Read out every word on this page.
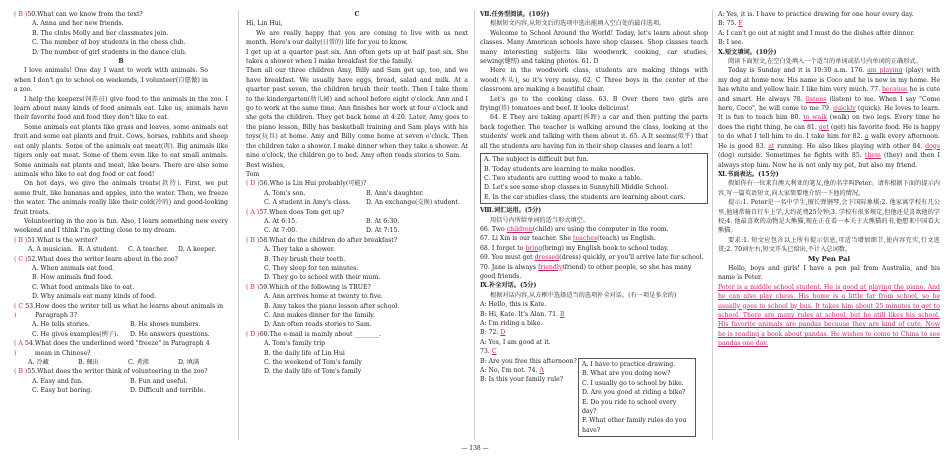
( B ) 50. What can we know from the text?
A. Anna and her new friends.
B. The clubs Molly and her classmates join.
C. The number of boy students in the chess club.
D. The number of girl students in the dance club.
B
I love animals! One day I want to work with animals. So when I don't go to school on weekends, I volunteer(自愿做) in a zoo.
I help the keepers(饲养员) give food to the animals in the zoo. I learn about many kinds of food animals eat. Like us, animals have their favorite food and food they don't like to eat.
Some animals eat plants like grass and leaves, some animals eat fruit and some eat plants and fruit. Cows, horses, rabbits and sheep eat only plants. Some of the animals eat meat(肉). Big animals like tigers only eat meat. Some of them even like to eat small animals. Some animals eat plants and meat, like bears. There are also some animals who like to eat dog food or cat food!
On hot days, we give the animals treats(款待). First, we put some fruit, like bananas and apples, into the water. Then, we freeze the water. The animals really like their cold(冷的) and good-looking fruit treats.
Volunteering in the zoo is fun. Also, I learn something new every weekend and I think I'm getting close to my dream.
( B ) 51. What is the writer?
A. A musician. B. A student.	C. A teacher.	D. A keeper.
( C ) 52. What does the writer learn about in the zoo?
A. When animals eat food.
B. How animals find food.
C. What food animals like to eat.
D. Why animals eat many kinds of food.
( C )
53. How does the writer tell us what he learns about animals in Paragraph 3?
A. He tells stories.	B. He shows numbers.
C. He gives examples(例子).	D. He answers questions.
( A )
54. What does the underlined word "freeze" in Paragraph 4 mean in Chinese?
A. 冷藏	B. 佩出	C. 煮沸	D. 填满
( B ) 55. What does the writer think of volunteering in the zoo?
A. Easy and fun.	B. Fun and useful.
C. Easy but boring.	D. Difficult and terrible.
C
Hi, Lin Hui,
We are really happy that you are coming to live with us next month. Here's our daily(日常的) life for you to know.
I get up at a quarter past six. Ann often gets up at half past six. She takes a shower when I make breakfast for the family.
Then all our three children Amy, Billy and Sam get up, too, and we have breakfast. We usually have eggs, bread, salad and milk. At a quarter past seven, the children brush their teeth. Then I take them to the kindergarten(幼儿园) and school before eight o'clock. Ann and I go to work at the same time. Ann finishes her work at four o'clock and she gets the children. They get back home at 4:20. Later, Amy goes to the piano lesson, Billy has basketball training and Sam plays with his toys(玩具) at home. Amy and Billy come home at seven o'clock. Then the children take a shower. I make dinner when they take a shower. At nine o'clock, the children go to bed. Amy often reads stories to Sam.
Best wishes,
Tom
( D ) 56. Who is Lin Hui probably(可能)?
A. Tom's son.	B. Ann's daughter.
C. A student in Amy's class.	D. An exchange(交换) student.
( A ) 57. When does Tom get up?
A. At 6:15.	B. At 6:30.
C. At 7:00.	D. At 7:15.
( B ) 58. What do the children do after breakfast?
A. They take a shower.
B. They brush their teeth.
C. They sleep for ten minutes.
D. They go to school with their mum.
( B ) 59. Which of the following is TRUE?
A. Ann arrives home at twenty to five.
B. Amy takes the piano lesson after school.
C. Ann makes dinner for the family.
D. Ann often reads stories to Sam.
( D ) 60. The e-mail is mainly about ________.
A. Tom's family trip
B. the daily life of Lin Hui
C. the weekend of Tom's family
D. the daily life of Tom's family
Ⅶ.任务型阅读。(10分)
根据短文内容,从短文后的选项中选出能填入空白处的最佳选项。
Welcome to School Around the World! Today, let's learn about shop classes. Many American schools have shop classes. Shop classes teach many interesting subjects like woodwork, cooking, car studies, sewing(缝纫) and taking photos. 61. D
Here in the woodwork class, students are making things with wood(木头), so it's very noisy. 62. C Three boys in the center of the classroom are making a beautiful chair.
Let's go to the cooking class. 63. B Over there two girls are frying(炸) tomatoes and beef. It looks delicious!
64. E They are taking apart(拆卸) a car and then putting the parts back together. The teacher is walking around the class, looking at the students' work and talking with them about it. 65. A It seems(似乎) that all the students are having fun in their shop classes and learn a lot!
A. The subject is difficult but fun.
B. Today students are learning to make noodles.
C. Two students are cutting wood to make a table.
D. Let's see some shop classes in Sunnyhill Middle School.
E. In the car studies class, the students are learning about cars.
Ⅷ.词汇运用。(5分)
用括号内所给单词的适当形式填空。
66. Two children(child) are using the computer in the room.
67. Li Xin is our teacher. She teaches(teach) us English.
68. I forget to bring(bring) my English book to school today.
69. You must get dressed(dress) quickly, or you'll arrive late for school.
70. Jane is always friendly(friend) to other people, so she has many good friends.
Ⅸ.补全对话。(5分)
根据对话内容,从方框中选择适当的选项补全对话。(有一项是多余的)
A: Hello, this is Kate.
B: Hi, Kate. It's Alan. 71. B
A: I'm riding a bike.
B: 72. D
A: Yes, I am good at it.
73. C
B: Are you free this afternoon?
A: No, I'm not. 74. A
B: Is this your family rule?
A. I have to practice drawing.
B. What are you doing now?
C. I usually go to school by bike.
D. Are you good at riding a bike?
E. Do you ride to school every day?
F. What other family rules do you have?
A: Yes, it is. I have to practice drawing for one hour every day.
B: 75. F
A: I can't go out at night and I must do the dishes after dinner.
B: I see.
Ⅹ.短文填词。(10分)
阅读下面短文,在空白处填入一个适当的单词或括号内单词的正确形式。
Today is Sunday and it is 10:30 a.m. 176. am playing (play) with my dog at home now. His name is Coco and he is new in my home. He has white and yellow hair. I like him very much. 77. because he is cute and smart. He always 78. listens (listen) to me. When I say "Come here, Coco", he will come to me 79. quickly (quick). He loves to learn. It is fun to teach him 80. to walk (walk) on two legs. Every time he does the right thing, he can 81. get (get) his favorite food. He is happy to do what I tell him to do. I take him for 82. a walk every afternoon. He is good 83. at running. He also likes playing with other 84. dogs (dog) outside. Sometimes he fights with 85. them (they) and then I always stop him. Now he is not only my pet, but also my friend.
Ⅺ.书面表达。(15分)
假如你有一位来自澳大利亚的笔友,他的名字叫Peter。请你根据下面的提示内容,写一篇英语短文,向大家简要地介绍一下他的情况。
提示:1. Peter是一名中学生,擅长弹钢琴,会下国际象棋;2. 他家离学校有几公里,他通常骑自行车上学,大约花费25分钟;3. 学校有很多规定,但他还是喜欢他的学校;4. 他最喜欢的动物是大熊猫,现在正在看一本关于大熊猫的书,他想来中国看大熊猫。
要求:1. 短文应包含以上所有提示信息,可适当增加细节,使内容充实,行文连贯;2. 70词左右,短文开头已给出,不计入总词数。
My Pen Pal
Hello, boys and girls! I have a pen pal from Australia, and his name is Peter.
Peter is a middle school student. He is good at playing the piano. And he can also play chess. His home is a little far from school, so he usually goes to school by bus. It takes him about 25 minutes to get to school. There are many rules at school, but he still likes his school. His favorite animals are pandas because they are kind of cute. Now he is reading a book about pandas. He wishes to come to China to see pandas one day.
— 138 —
